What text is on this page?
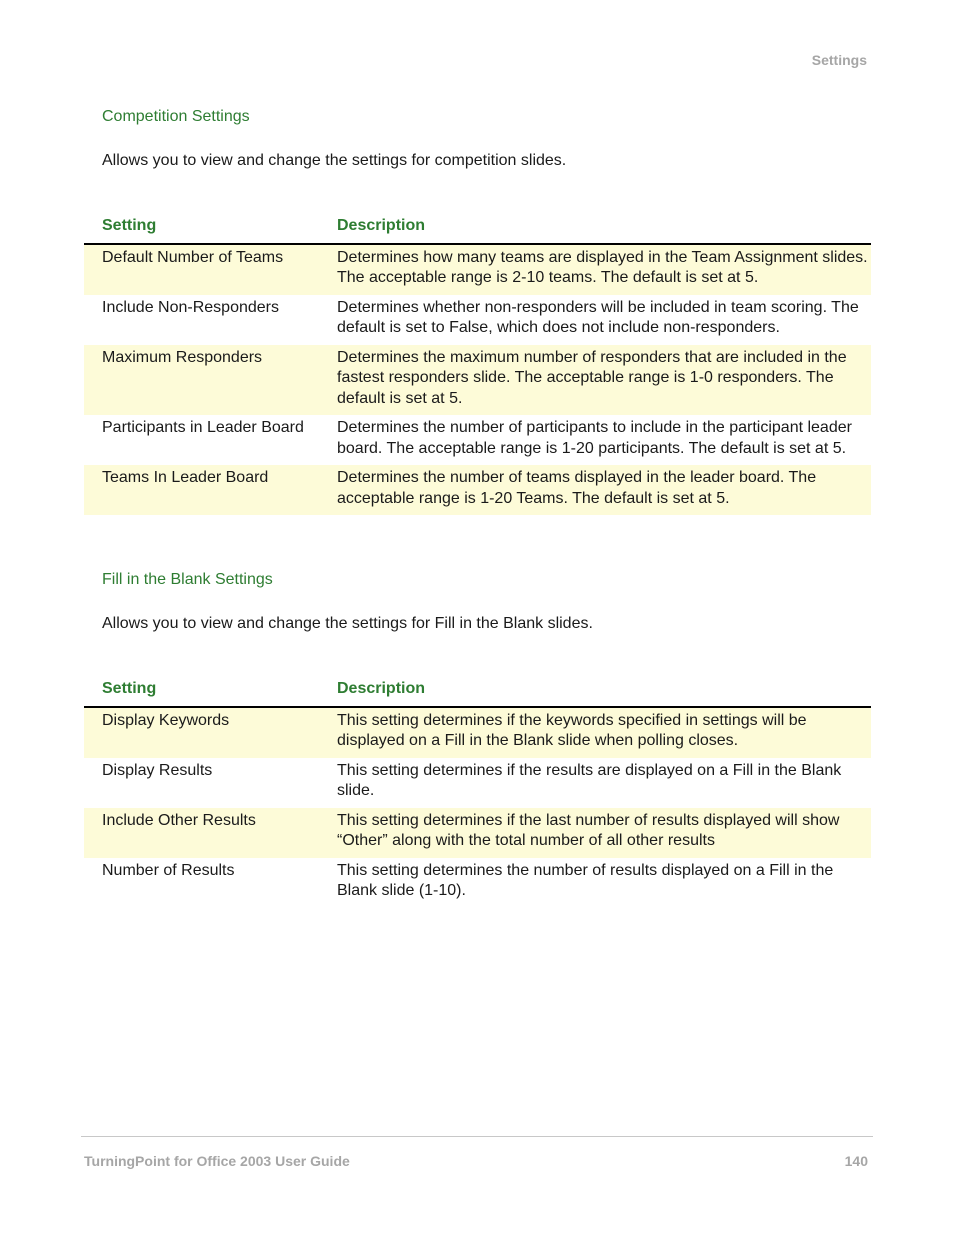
Settings
Competition Settings
Allows you to view and change the settings for competition slides.
Setting	Description
Default Number of Teams	Determines how many teams are displayed in the Team Assignment slides. The acceptable range is 2-10 teams. The default is set at 5.
Include Non-Responders	Determines whether non-responders will be included in team scoring. The default is set to False, which does not include non-responders.
Maximum Responders	Determines the maximum number of responders that are included in the fastest responders slide. The acceptable range is 1-0 responders. The default is set at 5.
Participants in Leader Board	Determines the number of participants to include in the participant leader board. The acceptable range is 1-20 participants. The default is set at 5.
Teams In Leader Board	Determines the number of teams displayed in the leader board. The acceptable range is 1-20 Teams. The default is set at 5.
Fill in the Blank Settings
Allows you to view and change the settings for Fill in the Blank slides.
Setting	Description
Display Keywords	This setting determines if the keywords specified in settings will be displayed on a Fill in the Blank slide when polling closes.
Display Results	This setting determines if the results are displayed on a Fill in the Blank slide.
Include Other Results	This setting determines if the last number of results displayed will show “Other” along with the total number of all other results
Number of Results	This setting determines the number of results displayed on a Fill in the Blank slide (1-10).
TurningPoint for Office 2003 User Guide	140
